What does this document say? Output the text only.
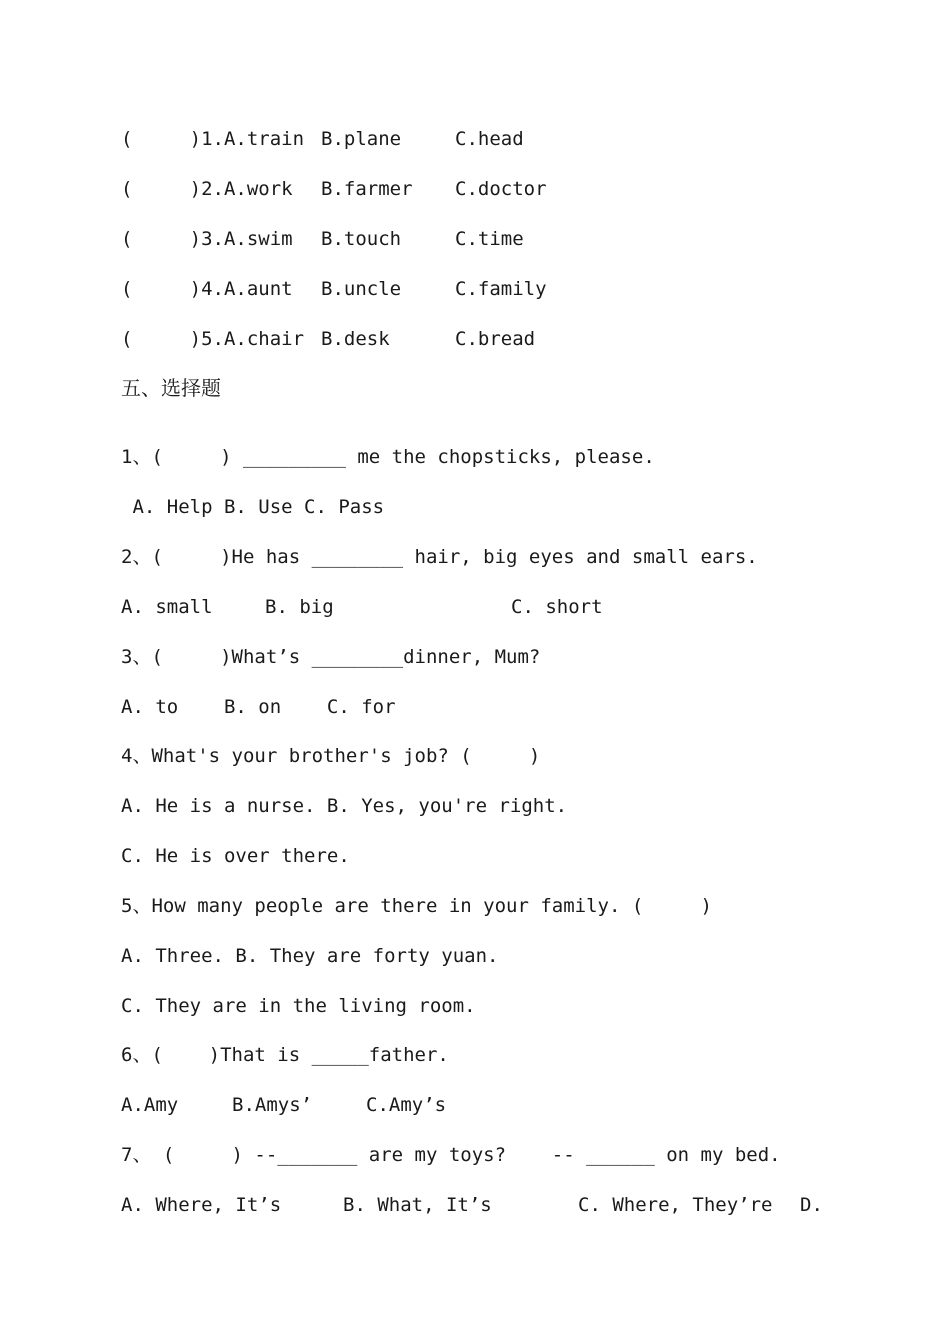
(     )1.A.train

B.plane

	C.head

(     )2.A.work

B.farmer

C.doctor

(     )3.A.swim

B.touch

	C.time

(     )4.A.aunt

B.uncle

	C.family

(     )5.A.chair

B.desk

	C.bread

五、选择题
1、(     ) _________ me the chopsticks, please.
A. Help B. Use C. Pass
2、(     )He has ________ hair, big eyes and small ears.

A. small

	B. big

	C. short

3、(     )What’s ________dinner, Mum?
A. to    B. on    C. for
4、What's your brother's job? (     )
A. He is a nurse. B. Yes, you're right.
C. He is over there.
5、How many people are there in your family. (     )
A. Three. B. They are forty yuan.
C. They are in the living room.
6、(    )That is _____father.

A.Amy

	B.Amys’

	C.Amy’s

7、 (     ) --_______ are my toys?    -- ______ on my bed.

A. Where, It’s

	B. What, It’s

	C. Where, They’re

D.
